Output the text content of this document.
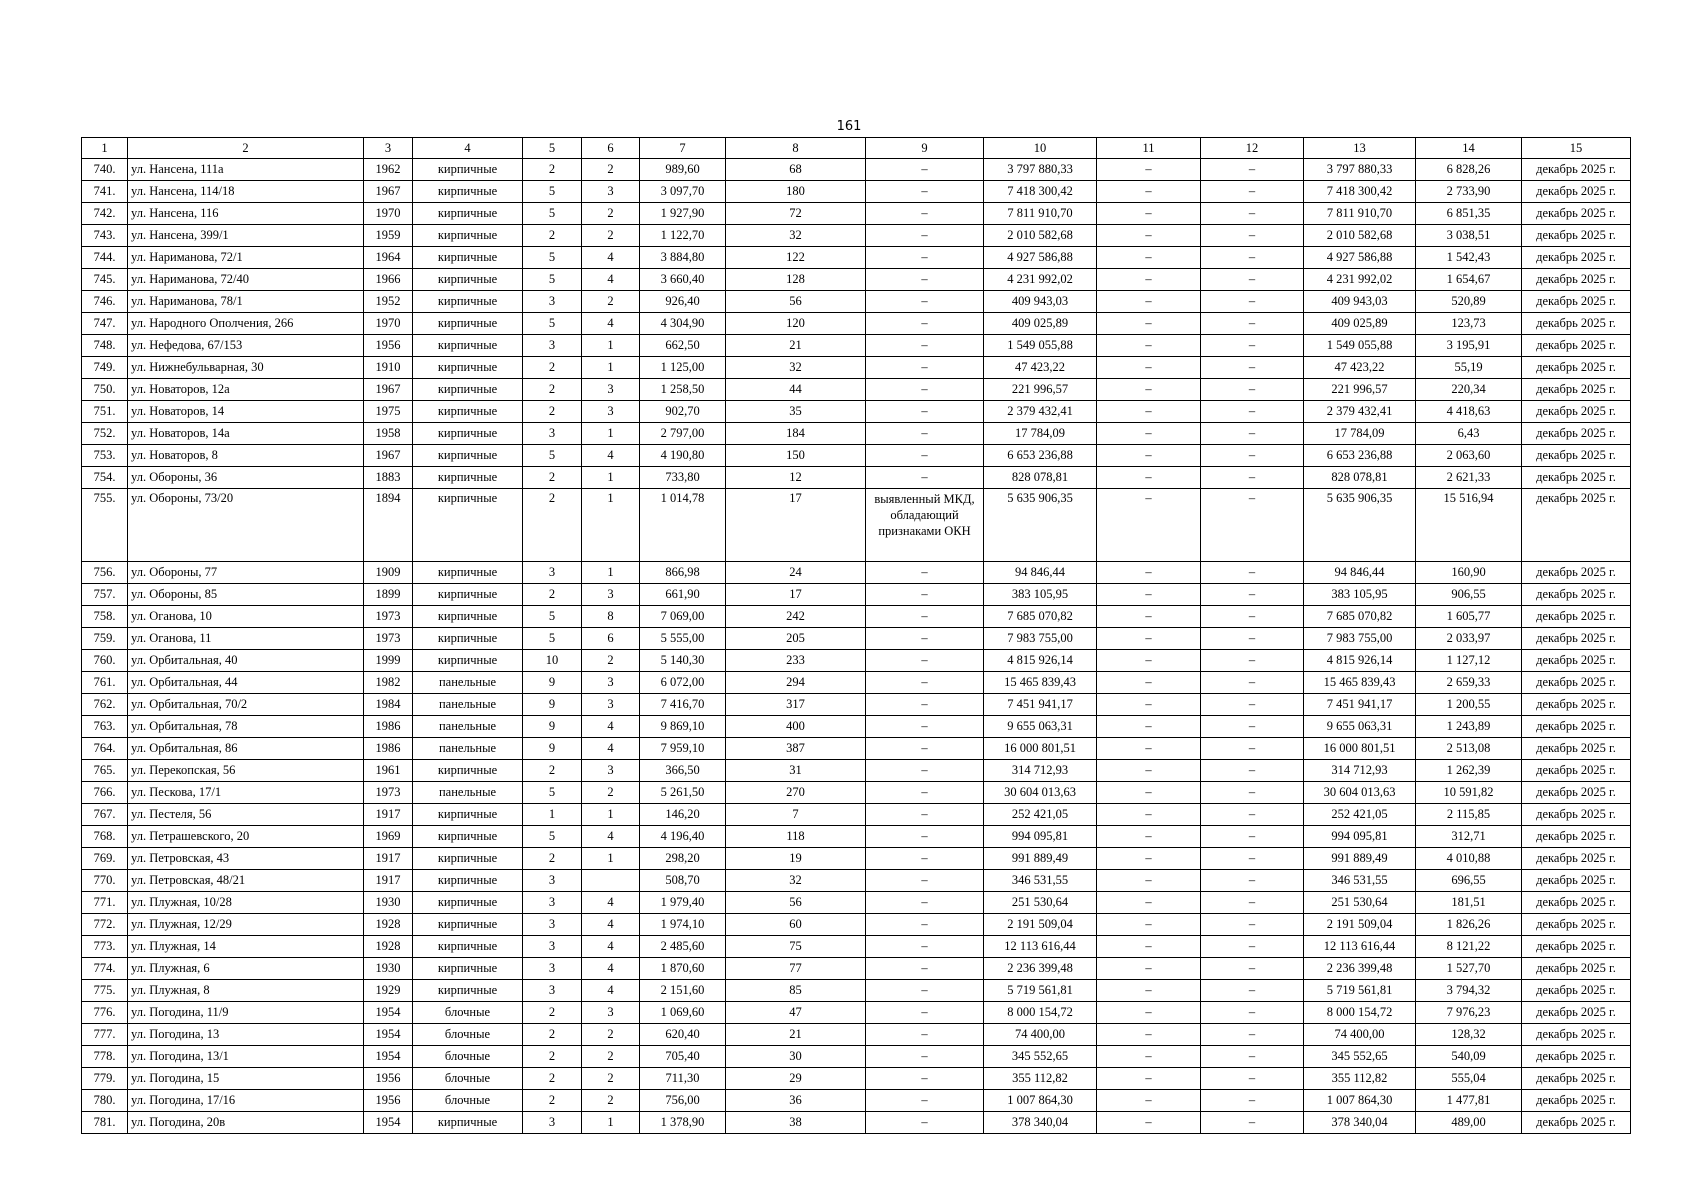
161
1	2	3	4	5	6	7	8	9	10	11	12	13	14	15
740.	ул. Нансена, 111а	1962	кирпичные	2	2	989,60	68	–	3 797 880,33	–	–	3 797 880,33	6 828,26	декабрь 2025 г.
741.	ул. Нансена, 114/18	1967	кирпичные	5	3	3 097,70	180	–	7 418 300,42	–	–	7 418 300,42	2 733,90	декабрь 2025 г.
742.	ул. Нансена, 116	1970	кирпичные	5	2	1 927,90	72	–	7 811 910,70	–	–	7 811 910,70	6 851,35	декабрь 2025 г.
743.	ул. Нансена, 399/1	1959	кирпичные	2	2	1 122,70	32	–	2 010 582,68	–	–	2 010 582,68	3 038,51	декабрь 2025 г.
744.	ул. Нариманова, 72/1	1964	кирпичные	5	4	3 884,80	122	–	4 927 586,88	–	–	4 927 586,88	1 542,43	декабрь 2025 г.
745.	ул. Нариманова, 72/40	1966	кирпичные	5	4	3 660,40	128	–	4 231 992,02	–	–	4 231 992,02	1 654,67	декабрь 2025 г.
746.	ул. Нариманова, 78/1	1952	кирпичные	3	2	926,40	56	–	409 943,03	–	–	409 943,03	520,89	декабрь 2025 г.
747.	ул. Народного Ополчения, 266	1970	кирпичные	5	4	4 304,90	120	–	409 025,89	–	–	409 025,89	123,73	декабрь 2025 г.
748.	ул. Нефедова, 67/153	1956	кирпичные	3	1	662,50	21	–	1 549 055,88	–	–	1 549 055,88	3 195,91	декабрь 2025 г.
749.	ул. Нижнебульварная, 30	1910	кирпичные	2	1	1 125,00	32	–	47 423,22	–	–	47 423,22	55,19	декабрь 2025 г.
750.	ул. Новаторов, 12а	1967	кирпичные	2	3	1 258,50	44	–	221 996,57	–	–	221 996,57	220,34	декабрь 2025 г.
751.	ул. Новаторов, 14	1975	кирпичные	2	3	902,70	35	–	2 379 432,41	–	–	2 379 432,41	4 418,63	декабрь 2025 г.
752.	ул. Новаторов, 14а	1958	кирпичные	3	1	2 797,00	184	–	17 784,09	–	–	17 784,09	6,43	декабрь 2025 г.
753.	ул. Новаторов, 8	1967	кирпичные	5	4	4 190,80	150	–	6 653 236,88	–	–	6 653 236,88	2 063,60	декабрь 2025 г.
754.	ул. Обороны, 36	1883	кирпичные	2	1	733,80	12	–	828 078,81	–	–	828 078,81	2 621,33	декабрь 2025 г.
755.	ул. Обороны, 73/20	1894	кирпичные	2	1	1 014,78	17	выявленный МКД, обладающий признаками ОКН	5 635 906,35	–	–	5 635 906,35	15 516,94	декабрь 2025 г.
756.	ул. Обороны, 77	1909	кирпичные	3	1	866,98	24	–	94 846,44	–	–	94 846,44	160,90	декабрь 2025 г.
757.	ул. Обороны, 85	1899	кирпичные	2	3	661,90	17	–	383 105,95	–	–	383 105,95	906,55	декабрь 2025 г.
758.	ул. Оганова, 10	1973	кирпичные	5	8	7 069,00	242	–	7 685 070,82	–	–	7 685 070,82	1 605,77	декабрь 2025 г.
759.	ул. Оганова, 11	1973	кирпичные	5	6	5 555,00	205	–	7 983 755,00	–	–	7 983 755,00	2 033,97	декабрь 2025 г.
760.	ул. Орбитальная, 40	1999	кирпичные	10	2	5 140,30	233	–	4 815 926,14	–	–	4 815 926,14	1 127,12	декабрь 2025 г.
761.	ул. Орбитальная, 44	1982	панельные	9	3	6 072,00	294	–	15 465 839,43	–	–	15 465 839,43	2 659,33	декабрь 2025 г.
762.	ул. Орбитальная, 70/2	1984	панельные	9	3	7 416,70	317	–	7 451 941,17	–	–	7 451 941,17	1 200,55	декабрь 2025 г.
763.	ул. Орбитальная, 78	1986	панельные	9	4	9 869,10	400	–	9 655 063,31	–	–	9 655 063,31	1 243,89	декабрь 2025 г.
764.	ул. Орбитальная, 86	1986	панельные	9	4	7 959,10	387	–	16 000 801,51	–	–	16 000 801,51	2 513,08	декабрь 2025 г.
765.	ул. Перекопская, 56	1961	кирпичные	2	3	366,50	31	–	314 712,93	–	–	314 712,93	1 262,39	декабрь 2025 г.
766.	ул. Пескова, 17/1	1973	панельные	5	2	5 261,50	270	–	30 604 013,63	–	–	30 604 013,63	10 591,82	декабрь 2025 г.
767.	ул. Пестеля, 56	1917	кирпичные	1	1	146,20	7	–	252 421,05	–	–	252 421,05	2 115,85	декабрь 2025 г.
768.	ул. Петрашевского, 20	1969	кирпичные	5	4	4 196,40	118	–	994 095,81	–	–	994 095,81	312,71	декабрь 2025 г.
769.	ул. Петровская, 43	1917	кирпичные	2	1	298,20	19	–	991 889,49	–	–	991 889,49	4 010,88	декабрь 2025 г.
770.	ул. Петровская, 48/21	1917	кирпичные	3		508,70	32	–	346 531,55	–	–	346 531,55	696,55	декабрь 2025 г.
771.	ул. Плужная, 10/28	1930	кирпичные	3	4	1 979,40	56	–	251 530,64	–	–	251 530,64	181,51	декабрь 2025 г.
772.	ул. Плужная, 12/29	1928	кирпичные	3	4	1 974,10	60	–	2 191 509,04	–	–	2 191 509,04	1 826,26	декабрь 2025 г.
773.	ул. Плужная, 14	1928	кирпичные	3	4	2 485,60	75	–	12 113 616,44	–	–	12 113 616,44	8 121,22	декабрь 2025 г.
774.	ул. Плужная, 6	1930	кирпичные	3	4	1 870,60	77	–	2 236 399,48	–	–	2 236 399,48	1 527,70	декабрь 2025 г.
775.	ул. Плужная, 8	1929	кирпичные	3	4	2 151,60	85	–	5 719 561,81	–	–	5 719 561,81	3 794,32	декабрь 2025 г.
776.	ул. Погодина, 11/9	1954	блочные	2	3	1 069,60	47	–	8 000 154,72	–	–	8 000 154,72	7 976,23	декабрь 2025 г.
777.	ул. Погодина, 13	1954	блочные	2	2	620,40	21	–	74 400,00	–	–	74 400,00	128,32	декабрь 2025 г.
778.	ул. Погодина, 13/1	1954	блочные	2	2	705,40	30	–	345 552,65	–	–	345 552,65	540,09	декабрь 2025 г.
779.	ул. Погодина, 15	1956	блочные	2	2	711,30	29	–	355 112,82	–	–	355 112,82	555,04	декабрь 2025 г.
780.	ул. Погодина, 17/16	1956	блочные	2	2	756,00	36	–	1 007 864,30	–	–	1 007 864,30	1 477,81	декабрь 2025 г.
781.	ул. Погодина, 20в	1954	кирпичные	3	1	1 378,90	38	–	378 340,04	–	–	378 340,04	489,00	декабрь 2025 г.
